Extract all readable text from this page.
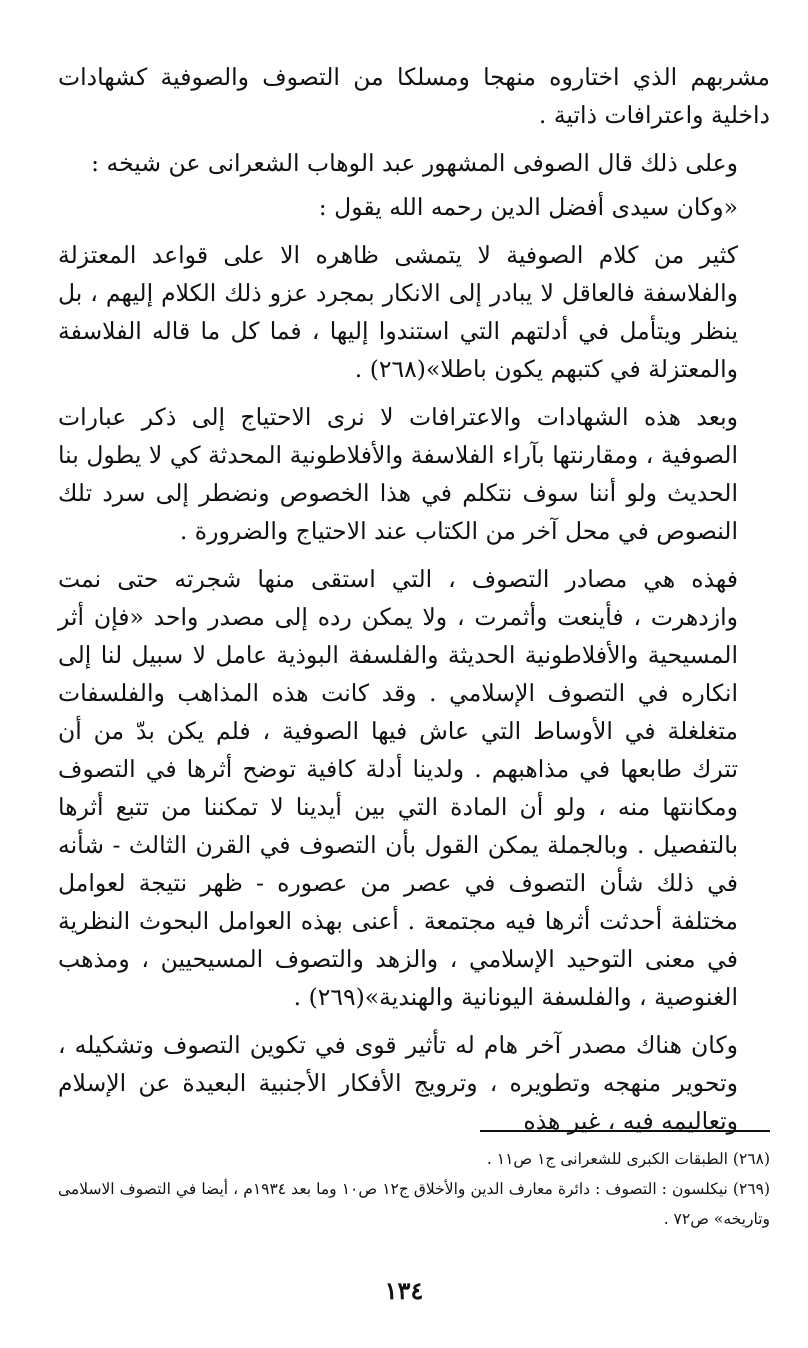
مشربهم الذي اختاروه منهجا ومسلكا من التصوف والصوفية كشهادات داخلية واعترافات ذاتية .

وعلى ذلك قال الصوفى المشهور عبد الوهاب الشعرانى عن شيخه :

«وكان سيدى أفضل الدين رحمه الله يقول :

كثير من كلام الصوفية لا يتمشى ظاهره الا على قواعد المعتزلة والفلاسفة فالعاقل لا يبادر إلى الانكار بمجرد عزو ذلك الكلام إليهم ، بل ينظر ويتأمل في أدلتهم التي استندوا إليها ، فما كل ما قاله الفلاسفة والمعتزلة في كتبهم يكون باطلا»(٢٦٨) .

وبعد هذه الشهادات والاعترافات لا نرى الاحتياج إلى ذكر عبارات الصوفية ، ومقارنتها بآراء الفلاسفة والأفلاطونية المحدثة كي لا يطول بنا الحديث ولو أننا سوف نتكلم في هذا الخصوص ونضطر إلى سرد تلك النصوص في محل آخر من الكتاب عند الاحتياج والضرورة .

فهذه هي مصادر التصوف ، التي استقى منها شجرته حتى نمت وازدهرت ، فأينعت وأثمرت ، ولا يمكن رده إلى مصدر واحد «فإن أثر المسيحية والأفلاطونية الحديثة والفلسفة البوذية عامل لا سبيل لنا إلى انكاره في التصوف الإسلامي . وقد كانت هذه المذاهب والفلسفات متغلغلة في الأوساط التي عاش فيها الصوفية ، فلم يكن بدّ من أن تترك طابعها في مذاهبهم . ولدينا أدلة كافية توضح أثرها في التصوف ومكانتها منه ، ولو أن المادة التي بين أيدينا لا تمكننا من تتبع أثرها بالتفصيل . وبالجملة يمكن القول بأن التصوف في القرن الثالث - شأنه في ذلك شأن التصوف في عصر من عصوره - ظهر نتيجة لعوامل مختلفة أحدثت أثرها فيه مجتمعة . أعنى بهذه العوامل البحوث النظرية في معنى التوحيد الإسلامي ، والزهد والتصوف المسيحيين ، ومذهب الغنوصية ، والفلسفة اليونانية والهندية»(٢٦٩) .

وكان هناك مصدر آخر هام له تأثير قوى في تكوين التصوف وتشكيله ، وتحوير منهجه وتطويره ، وترويج الأفكار الأجنبية البعيدة عن الإسلام وتعاليمه فيه ، غير هذه

(٢٦٨) الطبقات الكبرى للشعرانى ج١ ص١١ .

(٢٦٩) نيكلسون : التصوف : دائرة معارف الدين والأخلاق ج١٢ ص١٠ وما بعد ١٩٣٤م ، أيضا في التصوف الاسلامى وتاريخه» ص٧٢ .

١٣٤
